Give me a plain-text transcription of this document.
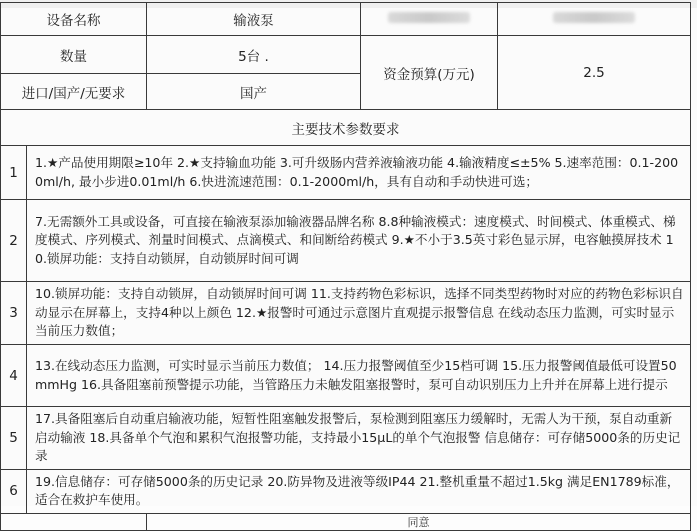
设备名称		输液泵		
数量		5台 .	资金预算(万元)	2.5
进口/国产/无要求		国产		
主要技术参数要求				
1	1.★产品使用期限≥10年 2.★支持输血功能 3.可升级肠内营养液输液功能 4.输液精度≤±5% 5.速率范围：0.1-2000ml/h, 最小步进0.01ml/h 6.快进流速范围：0.1-2000ml/h，具有自动和手动快进可选；			
2	7.无需额外工具或设备，可直接在输液泵添加输液器品牌名称 8.8种输液模式：速度模式、时间模式、体重模式、梯度模式、序列模式、剂量时间模式、点滴模式、和间断给药模式 9.★不小于3.5英寸彩色显示屏，电容触摸屏技术 10.锁屏功能：支持自动锁屏，自动锁屏时间可调			
3	10.锁屏功能：支持自动锁屏，自动锁屏时间可调 11.支持药物色彩标识，选择不同类型药物时对应的药物色彩标识自动显示在屏幕上，支持4种以上颜色 12.★报警时可通过示意图片直观提示报警信息 在线动态压力监测，可实时显示当前压力数值；			
4	13.在线动态压力监测，可实时显示当前压力数值； 14.压力报警阈值至少15档可调 15.压力报警阈值最低可设置50mmHg 16.具备阻塞前预警提示功能，当管路压力未触发阻塞报警时，泵可自动识别压力上升并在屏幕上进行提示			
5	17.具备阻塞后自动重启输液功能，短暂性阻塞触发报警后，泵检测到阻塞压力缓解时，无需人为干预，泵自动重新启动输液 18.具备单个气泡和累积气泡报警功能，支持最小15μL的单个气泡报警 信息储存：可存储5000条的历史记录			
6	19.信息储存：可存储5000条的历史记录 20.防异物及进液等级IP44 21.整机重量不超过1.5kg 满足EN1789标准，适合在救护车使用。			
		同意		
